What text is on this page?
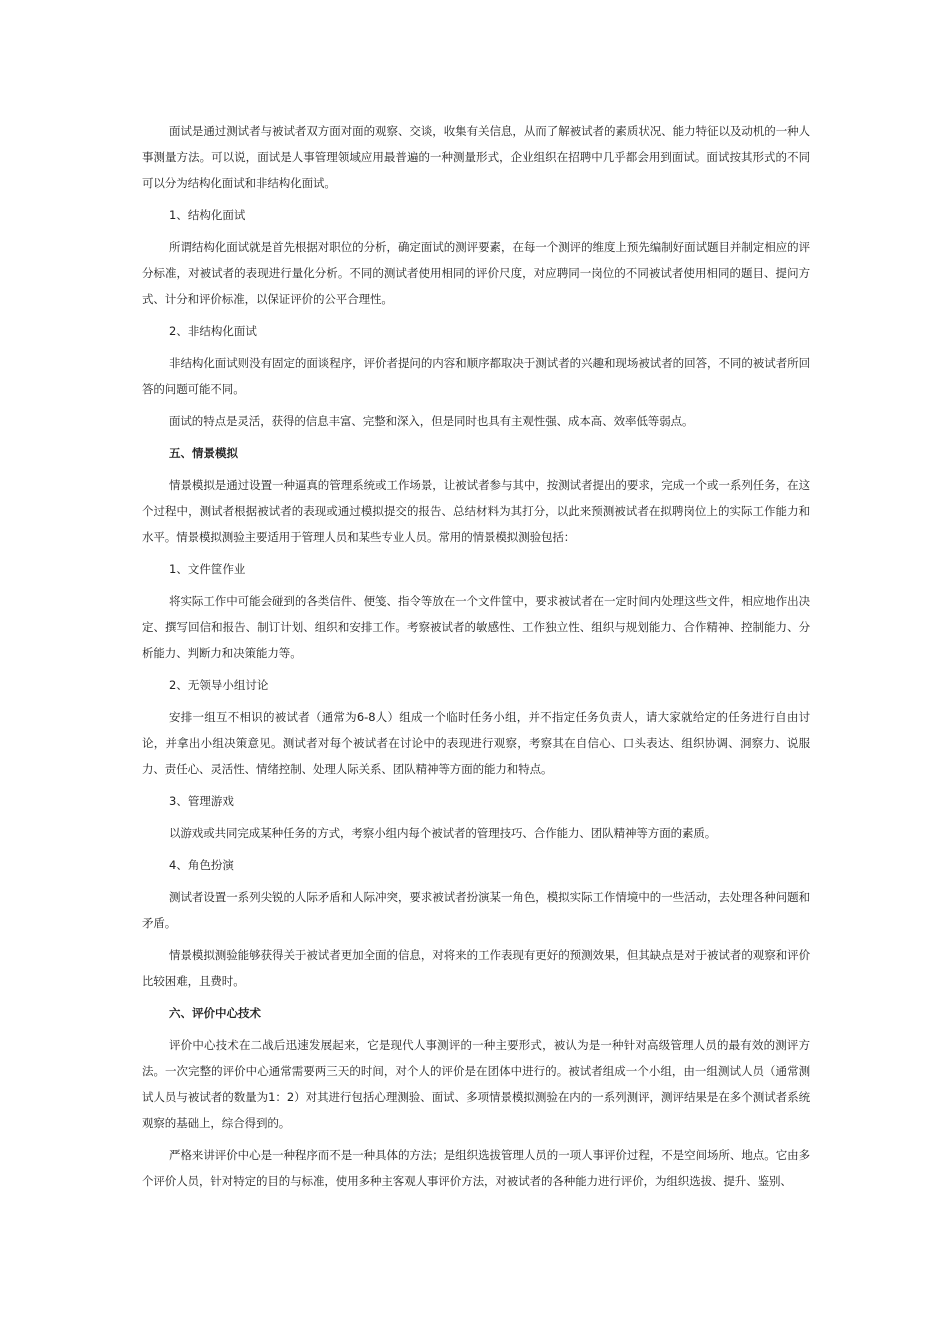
面试是通过测试者与被试者双方面对面的观察、交谈，收集有关信息，从而了解被试者的素质状况、能力特征以及动机的一种人事测量方法。可以说，面试是人事管理领域应用最普遍的一种测量形式，企业组织在招聘中几乎都会用到面试。面试按其形式的不同可以分为结构化面试和非结构化面试。

1、结构化面试

所谓结构化面试就是首先根据对职位的分析，确定面试的测评要素，在每一个测评的维度上预先编制好面试题目并制定相应的评分标准，对被试者的表现进行量化分析。不同的测试者使用相同的评价尺度，对应聘同一岗位的不同被试者使用相同的题目、提问方式、计分和评价标准，以保证评价的公平合理性。

2、非结构化面试

非结构化面试则没有固定的面谈程序，评价者提问的内容和顺序都取决于测试者的兴趣和现场被试者的回答，不同的被试者所回答的问题可能不同。

面试的特点是灵活，获得的信息丰富、完整和深入，但是同时也具有主观性强、成本高、效率低等弱点。

五、情景模拟

情景模拟是通过设置一种逼真的管理系统或工作场景，让被试者参与其中，按测试者提出的要求，完成一个或一系列任务，在这个过程中，测试者根据被试者的表现或通过模拟提交的报告、总结材料为其打分，以此来预测被试者在拟聘岗位上的实际工作能力和水平。情景模拟测验主要适用于管理人员和某些专业人员。常用的情景模拟测验包括：

1、文件筐作业

将实际工作中可能会碰到的各类信件、便笺、指令等放在一个文件筐中，要求被试者在一定时间内处理这些文件，相应地作出决定、撰写回信和报告、制订计划、组织和安排工作。考察被试者的敏感性、工作独立性、组织与规划能力、合作精神、控制能力、分析能力、判断力和决策能力等。

2、无领导小组讨论

安排一组互不相识的被试者（通常为6-8人）组成一个临时任务小组，并不指定任务负责人，请大家就给定的任务进行自由讨论，并拿出小组决策意见。测试者对每个被试者在讨论中的表现进行观察，考察其在自信心、口头表达、组织协调、洞察力、说服力、责任心、灵活性、情绪控制、处理人际关系、团队精神等方面的能力和特点。

3、管理游戏

以游戏或共同完成某种任务的方式，考察小组内每个被试者的管理技巧、合作能力、团队精神等方面的素质。

4、角色扮演

测试者设置一系列尖锐的人际矛盾和人际冲突，要求被试者扮演某一角色，模拟实际工作情境中的一些活动，去处理各种问题和矛盾。

情景模拟测验能够获得关于被试者更加全面的信息，对将来的工作表现有更好的预测效果，但其缺点是对于被试者的观察和评价比较困难，且费时。

六、评价中心技术

评价中心技术在二战后迅速发展起来，它是现代人事测评的一种主要形式，被认为是一种针对高级管理人员的最有效的测评方法。一次完整的评价中心通常需要两三天的时间，对个人的评价是在团体中进行的。被试者组成一个小组，由一组测试人员（通常测试人员与被试者的数量为1：2）对其进行包括心理测验、面试、多项情景模拟测验在内的一系列测评，测评结果是在多个测试者系统观察的基础上，综合得到的。

严格来讲评价中心是一种程序而不是一种具体的方法；是组织选拔管理人员的一项人事评价过程，不是空间场所、地点。它由多个评价人员，针对特定的目的与标准，使用多种主客观人事评价方法，对被试者的各种能力进行评价，为组织选拔、提升、鉴别、
